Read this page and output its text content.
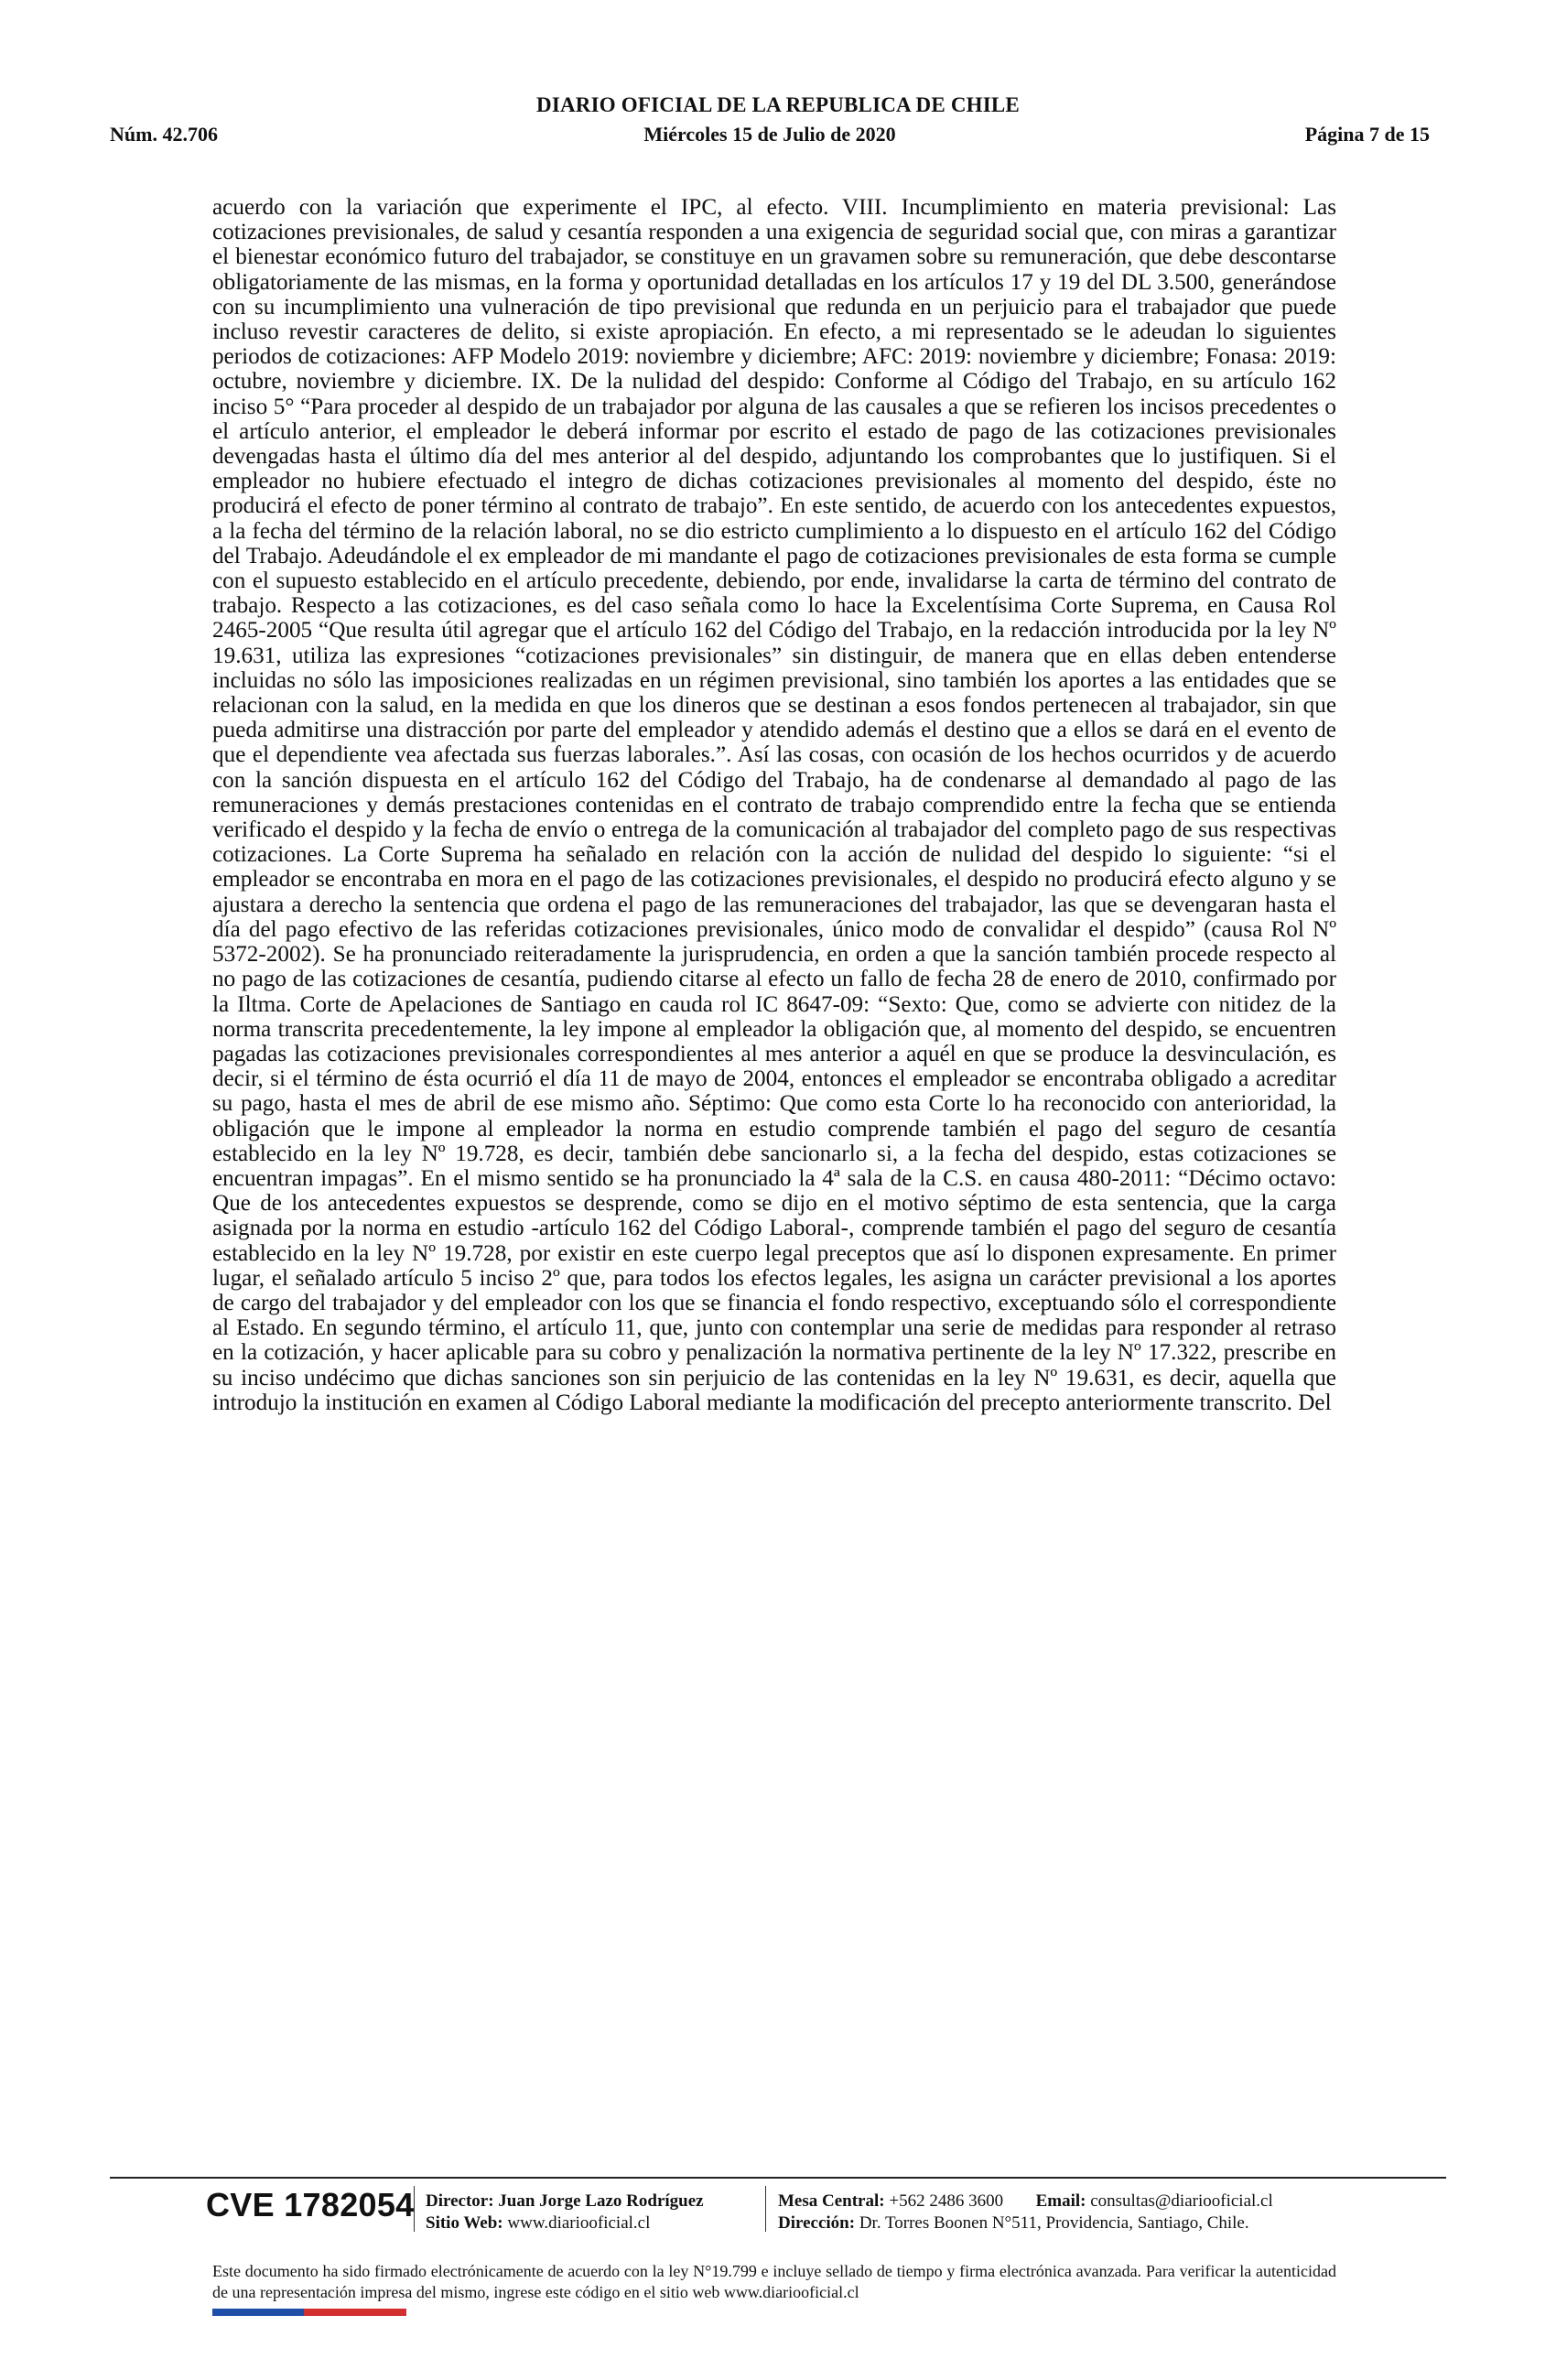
DIARIO OFICIAL DE LA REPUBLICA DE CHILE
Núm. 42.706	Miércoles 15 de Julio de 2020	Página 7 de 15

acuerdo con la variación que experimente el IPC, al efecto. VIII. Incumplimiento en materia previsional: Las cotizaciones previsionales, de salud y cesantía responden a una exigencia de seguridad social que, con miras a garantizar el bienestar económico futuro del trabajador, se constituye en un gravamen sobre su remuneración, que debe descontarse obligatoriamente de las mismas, en la forma y oportunidad detalladas en los artículos 17 y 19 del DL 3.500, generándose con su incumplimiento una vulneración de tipo previsional que redunda en un perjuicio para el trabajador que puede incluso revestir caracteres de delito, si existe apropiación. En efecto, a mi representado se le adeudan lo siguientes periodos de cotizaciones: AFP Modelo 2019: noviembre y diciembre; AFC: 2019: noviembre y diciembre; Fonasa: 2019: octubre, noviembre y diciembre. IX. De la nulidad del despido: Conforme al Código del Trabajo, en su artículo 162 inciso 5° “Para proceder al despido de un trabajador por alguna de las causales a que se refieren los incisos precedentes o el artículo anterior, el empleador le deberá informar por escrito el estado de pago de las cotizaciones previsionales devengadas hasta el último día del mes anterior al del despido, adjuntando los comprobantes que lo justifiquen. Si el empleador no hubiere efectuado el integro de dichas cotizaciones previsionales al momento del despido, éste no producirá el efecto de poner término al contrato de trabajo”. En este sentido, de acuerdo con los antecedentes expuestos, a la fecha del término de la relación laboral, no se dio estricto cumplimiento a lo dispuesto en el artículo 162 del Código del Trabajo. Adeudándole el ex empleador de mi mandante el pago de cotizaciones previsionales de esta forma se cumple con el supuesto establecido en el artículo precedente, debiendo, por ende, invalidarse la carta de término del contrato de trabajo. Respecto a las cotizaciones, es del caso señala como lo hace la Excelentísima Corte Suprema, en Causa Rol 2465-2005 “Que resulta útil agregar que el artículo 162 del Código del Trabajo, en la redacción introducida por la ley Nº 19.631, utiliza las expresiones “cotizaciones previsionales” sin distinguir, de manera que en ellas deben entenderse incluidas no sólo las imposiciones realizadas en un régimen previsional, sino también los aportes a las entidades que se relacionan con la salud, en la medida en que los dineros que se destinan a esos fondos pertenecen al trabajador, sin que pueda admitirse una distracción por parte del empleador y atendido además el destino que a ellos se dará en el evento de que el dependiente vea afectada sus fuerzas laborales.”. Así las cosas, con ocasión de los hechos ocurridos y de acuerdo con la sanción dispuesta en el artículo 162 del Código del Trabajo, ha de condenarse al demandado al pago de las remuneraciones y demás prestaciones contenidas en el contrato de trabajo comprendido entre la fecha que se entienda verificado el despido y la fecha de envío o entrega de la comunicación al trabajador del completo pago de sus respectivas cotizaciones. La Corte Suprema ha señalado en relación con la acción de nulidad del despido lo siguiente: “si el empleador se encontraba en mora en el pago de las cotizaciones previsionales, el despido no producirá efecto alguno y se ajustara a derecho la sentencia que ordena el pago de las remuneraciones del trabajador, las que se devengaran hasta el día del pago efectivo de las referidas cotizaciones previsionales, único modo de convalidar el despido” (causa Rol Nº 5372-2002). Se ha pronunciado reiteradamente la jurisprudencia, en orden a que la sanción también procede respecto al no pago de las cotizaciones de cesantía, pudiendo citarse al efecto un fallo de fecha 28 de enero de 2010, confirmado por la Iltma. Corte de Apelaciones de Santiago en cauda rol IC 8647-09: “Sexto: Que, como se advierte con nitidez de la norma transcrita precedentemente, la ley impone al empleador la obligación que, al momento del despido, se encuentren pagadas las cotizaciones previsionales correspondientes al mes anterior a aquél en que se produce la desvinculación, es decir, si el término de ésta ocurrió el día 11 de mayo de 2004, entonces el empleador se encontraba obligado a acreditar su pago, hasta el mes de abril de ese mismo año. Séptimo: Que como esta Corte lo ha reconocido con anterioridad, la obligación que le impone al empleador la norma en estudio comprende también el pago del seguro de cesantía establecido en la ley Nº 19.728, es decir, también debe sancionarlo si, a la fecha del despido, estas cotizaciones se encuentran impagas”. En el mismo sentido se ha pronunciado la 4ª sala de la C.S. en causa 480-2011: “Décimo octavo: Que de los antecedentes expuestos se desprende, como se dijo en el motivo séptimo de esta sentencia, que la carga asignada por la norma en estudio -artículo 162 del Código Laboral-, comprende también el pago del seguro de cesantía establecido en la ley Nº 19.728, por existir en este cuerpo legal preceptos que así lo disponen expresamente. En primer lugar, el señalado artículo 5 inciso 2º que, para todos los efectos legales, les asigna un carácter previsional a los aportes de cargo del trabajador y del empleador con los que se financia el fondo respectivo, exceptuando sólo el correspondiente al Estado. En segundo término, el artículo 11, que, junto con contemplar una serie de medidas para responder al retraso en la cotización, y hacer aplicable para su cobro y penalización la normativa pertinente de la ley Nº 17.322, prescribe en su inciso undécimo que dichas sanciones son sin perjuicio de las contenidas en la ley Nº 19.631, es decir, aquella que introdujo la institución en examen al Código Laboral mediante la modificación del precepto anteriormente transcrito. Del

CVE 1782054 Director: Juan Jorge Lazo Rodríguez
Sitio Web: www.diariooficial.cl
Mesa Central: +562 2486 3600 Email: consultas@diariooficial.cl
Dirección: Dr. Torres Boonen N°511, Providencia, Santiago, Chile.
Este documento ha sido firmado electrónicamente de acuerdo con la ley N°19.799 e incluye sellado de tiempo y firma electrónica avanzada. Para verificar la autenticidad de una representación impresa del mismo, ingrese este código en el sitio web www.diariooficial.cl
